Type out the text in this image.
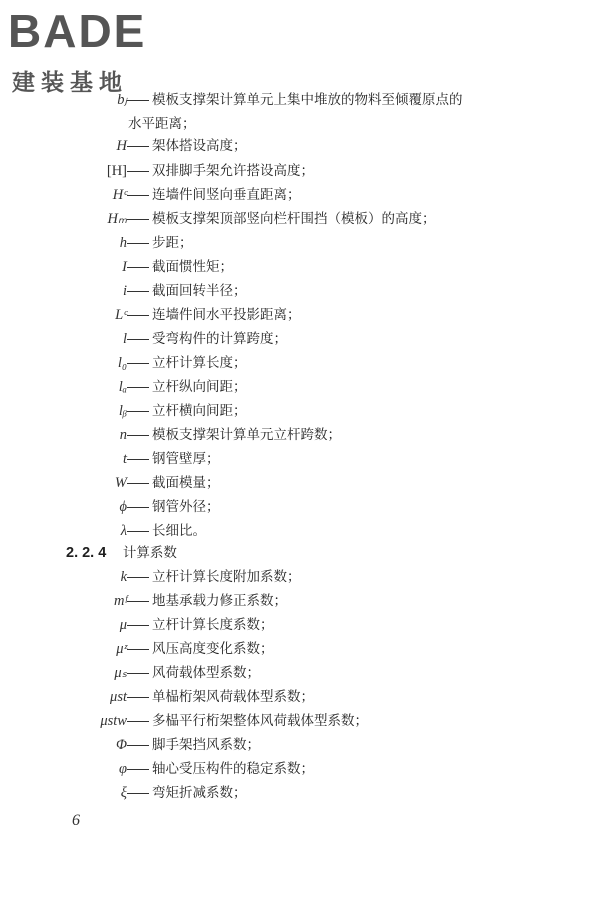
BADE
建装基地
bⱼ 模板支撑架计算单元上集中堆放的物料至倾覆原点的
水平距离；
H 架体搭设高度；
[H] 双排脚手架允许搭设高度；
Hᶜ 连墙件间竖向垂直距离；
Hₘ 模板支撑架顶部竖向栏杆围挡（模板）的高度；
h 步距；
I 截面惯性矩；
i 截面回转半径；
Lᶜ 连墙件间水平投影距离；
l 受弯构件的计算跨度；
l₀ 立杆计算长度；
lₐ 立杆纵向间距；
lᵦ 立杆横向间距；
n 模板支撑架计算单元立杆跨数；
t 钢管壁厚；
W 截面模量；
ϕ 钢管外径；
λ 长细比。
k 立杆计算长度附加系数；
mᶠ 地基承载力修正系数；
μ 立杆计算长度系数；
μᶻ 风压高度变化系数；
μₛ 风荷载体型系数；
μst 单榀桁架风荷载体型系数；
μstw 多榀平行桁架整体风荷载体型系数；
Φ 脚手架挡风系数；
φ 轴心受压构件的稳定系数；
ξ 弯矩折减系数；
2. 2. 4 计算系数
6
